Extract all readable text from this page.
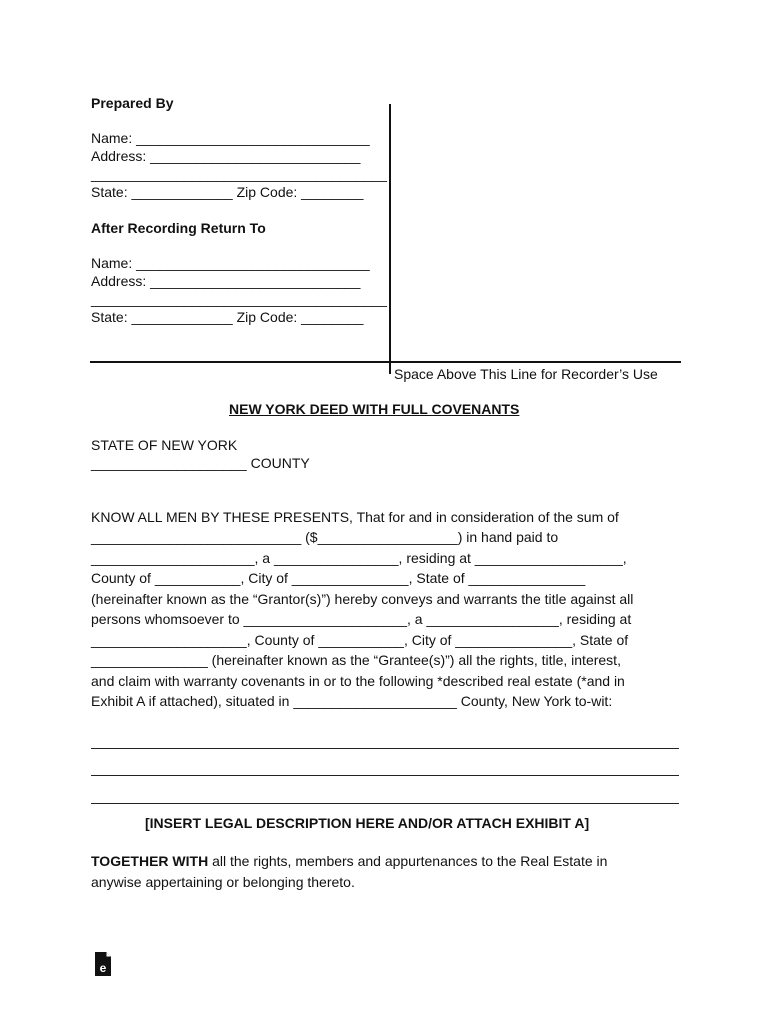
Prepared By
Name: ______________________________
Address: ___________________________
______________________________________
State: _____________ Zip Code: ________
After Recording Return To
Name: ______________________________
Address: ___________________________
______________________________________
State: _____________ Zip Code: ________
Space Above This Line for Recorder’s Use
NEW YORK DEED WITH FULL COVENANTS
STATE OF NEW YORK
____________________ COUNTY
KNOW ALL MEN BY THESE PRESENTS, That for and in consideration of the sum of
___________________________ ($__________________) in hand paid to
_____________________, a ________________, residing at ___________________,
County of ___________, City of _______________, State of _______________
(hereinafter known as the “Grantor(s)”) hereby conveys and warrants the title against all
persons whomsoever to _____________________, a _________________, residing at
____________________, County of ___________, City of _______________, State of
_______________ (hereinafter known as the “Grantee(s)”) all the rights, title, interest,
and claim with warranty covenants in or to the following *described real estate (*and in
Exhibit A if attached), situated in _____________________ County, New York to-wit:
[INSERT LEGAL DESCRIPTION HERE AND/OR ATTACH EXHIBIT A]
TOGETHER WITH all the rights, members and appurtenances to the Real Estate in
anywise appertaining or belonging thereto.
e
